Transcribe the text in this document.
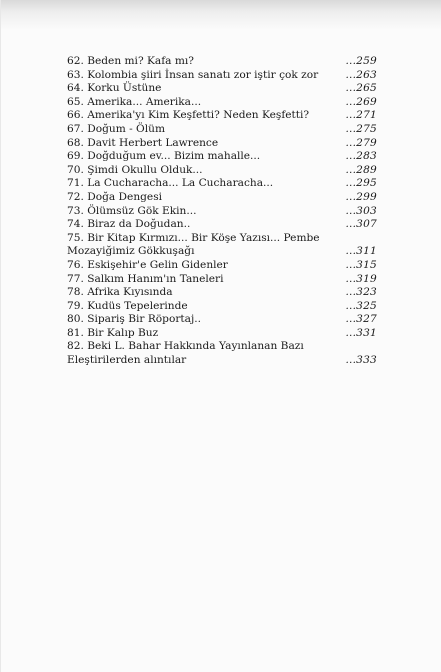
62. Beden mi? Kafa mı?	...259
63. Kolombia şiiri İnsan sanatı zor iştir çok zor	...263
64. Korku Üstüne	...265
65. Amerika... Amerika...	...269
66. Amerika'yı Kim Keşfetti? Neden Keşfetti?	...271
67. Doğum - Ölüm	...275
68. Davit Herbert Lawrence	...279
69. Doğduğum ev... Bizim mahalle...	...283
70. Şimdi Okullu Olduk...	...289
71. La Cucharacha... La Cucharacha...	...295
72. Doğa Dengesi	...299
73. Ölümsüz Gök Ekin...	...303
74. Biraz da Doğudan..	...307
75. Bir Kitap Kırmızı... Bir Köşe Yazısı... Pembe
Mozayiğimiz Gökkuşağı	...311
76. Eskişehir'e Gelin Gidenler	...315
77. Salkım Hanım'ın Taneleri	...319
78. Afrika Kıyısında	...323
79. Kudüs Tepelerinde	...325
80. Sipariş Bir Röportaj..	...327
81. Bir Kalıp Buz	...331
82. Beki L. Bahar Hakkında Yayınlanan Bazı
Eleştirilerden alıntılar	...333
